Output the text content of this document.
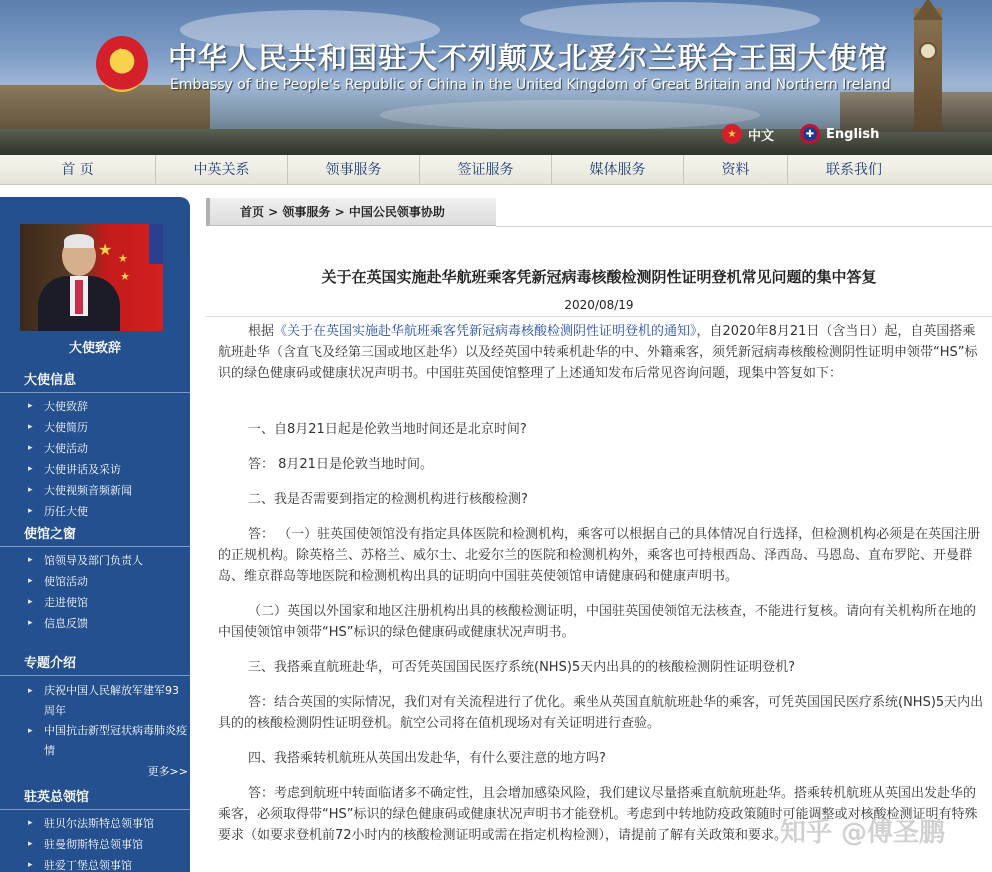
★ 中华人民共和国驻大不列颠及北爱尔兰联合王国大使馆
Embassy of the People's Republic of China in the United Kingdom of Great Britain and Northern Ireland
★ 中文	✚ English
首 页	中英关系	领事服务	签证服务	媒体服务	资料	联系我们
★ ★
★
大使致辞
大使信息
▸ 大使致辞
▸ 大使简历
▸ 大使活动
▸ 大使讲话及采访
▸ 大使视频音频新闻
▸ 历任大使
使馆之窗
▸ 馆领导及部门负责人
▸ 使馆活动
▸ 走进使馆
▸ 信息反馈
专题介绍
▸ 庆祝中国人民解放军建军93周年
▸ 中国抗击新型冠状病毒肺炎疫情
更多>>
驻英总领馆
▸ 驻贝尔法斯特总领事馆
▸ 驻曼彻斯特总领事馆
▸ 驻爱丁堡总领事馆
首页 > 领事服务 > 中国公民领事协助
关于在英国实施赴华航班乘客凭新冠病毒核酸检测阴性证明登机常见问题的集中答复
2020/08/19
根据《关于在英国实施赴华航班乘客凭新冠病毒核酸检测阴性证明登机的通知》，自2020年8月21日（含当日）起，自英国搭乘航班赴华（含直飞及经第三国或地区赴华）以及经英国中转乘机赴华的中、外籍乘客，须凭新冠病毒核酸检测阴性证明申领带“HS”标识的绿色健康码或健康状况声明书。中国驻英国使馆整理了上述通知发布后常见咨询问题，现集中答复如下：
一、自8月21日起是伦敦当地时间还是北京时间?
答： 8月21日是伦敦当地时间。
二、我是否需要到指定的检测机构进行核酸检测?
答： （一）驻英国使领馆没有指定具体医院和检测机构，乘客可以根据自己的具体情况自行选择，但检测机构必须是在英国注册的正规机构。除英格兰、苏格兰、威尔士、北爱尔兰的医院和检测机构外，乘客也可持根西岛、泽西岛、马恩岛、直布罗陀、开曼群岛、维京群岛等地医院和检测机构出具的证明向中国驻英使领馆申请健康码和健康声明书。
（二）英国以外国家和地区注册机构出具的核酸检测证明，中国驻英国使领馆无法核查，不能进行复核。请向有关机构所在地的中国使领馆申领带“HS”标识的绿色健康码或健康状况声明书。
三、我搭乘直航班赴华，可否凭英国国民医疗系统(NHS)5天内出具的的核酸检测阴性证明登机?
答：结合英国的实际情况，我们对有关流程进行了优化。乘坐从英国直航航班赴华的乘客，可凭英国国民医疗系统(NHS)5天内出具的的核酸检测阴性证明登机。航空公司将在值机现场对有关证明进行查验。
四、我搭乘转机航班从英国出发赴华，有什么要注意的地方吗?
答：考虑到航班中转面临诸多不确定性，且会增加感染风险，我们建议尽量搭乘直航航班赴华。搭乘转机航班从英国出发赴华的乘客，必须取得带“HS”标识的绿色健康码或健康状况声明书才能登机。考虑到中转地防疫政策随时可能调整或对核酸检测证明有特殊要求（如要求登机前72小时内的核酸检测证明或需在指定机构检测），请提前了解有关政策和要求。
知乎 @傅圣鹏
